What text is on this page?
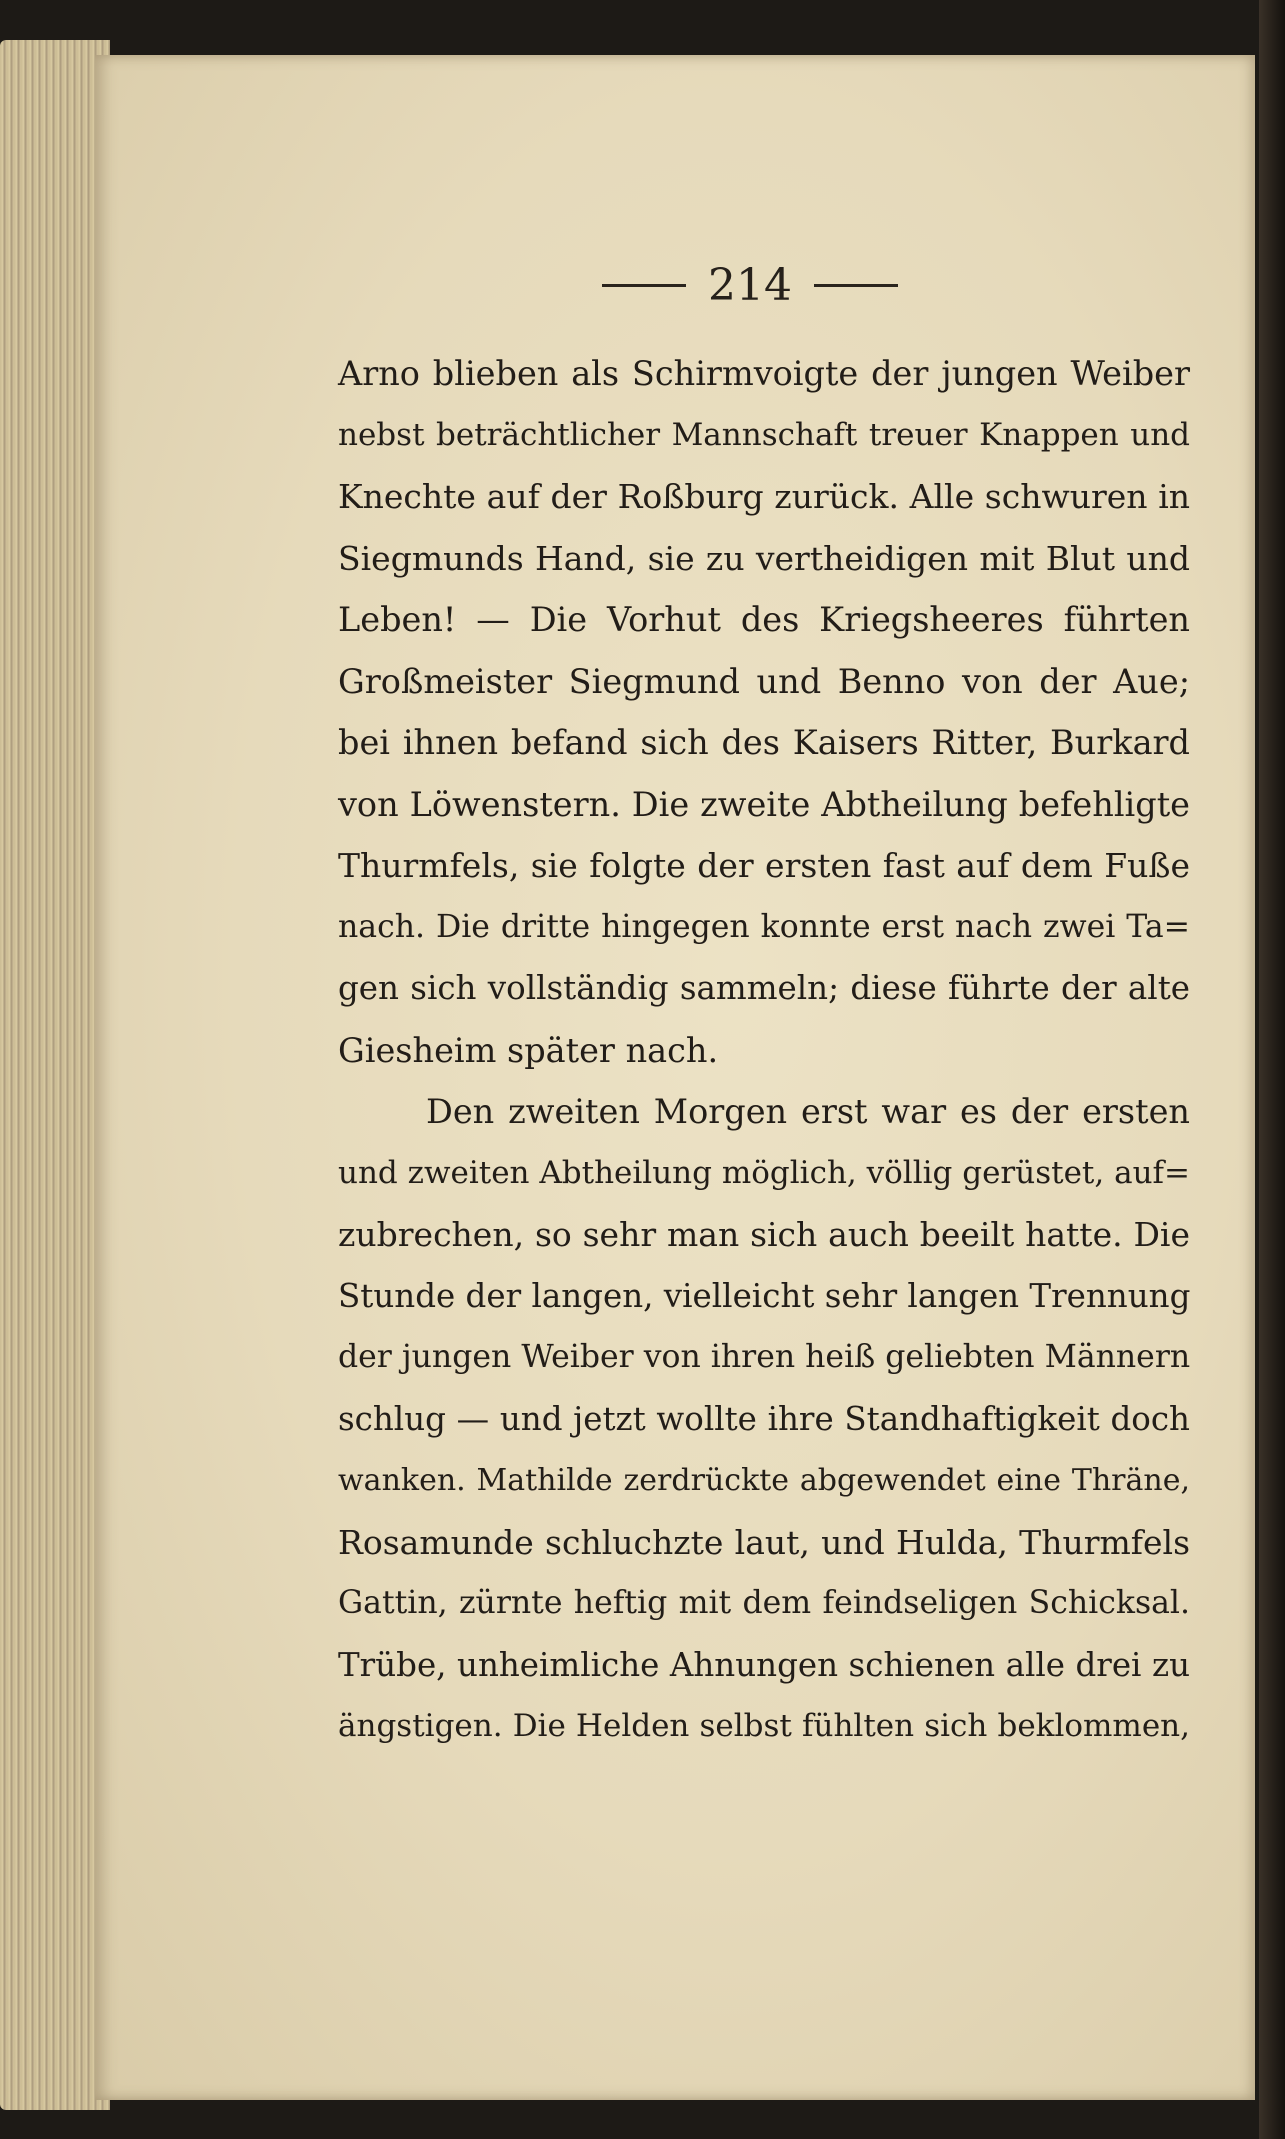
214
Arno blieben als Schirmvoigte der jungen Weiber
nebst beträchtlicher Mannschaft treuer Knappen und
Knechte auf der Roßburg zurück. Alle schwuren in
Siegmunds Hand, sie zu vertheidigen mit Blut und
Leben! — Die Vorhut des Kriegsheeres führten
Großmeister Siegmund und Benno von der Aue;
bei ihnen befand sich des Kaisers Ritter, Burkard
von Löwenstern. Die zweite Abtheilung befehligte
Thurmfels, sie folgte der ersten fast auf dem Fuße
nach. Die dritte hingegen konnte erst nach zwei Ta=
gen sich vollständig sammeln; diese führte der alte
Giesheim später nach.
Den zweiten Morgen erst war es der ersten
und zweiten Abtheilung möglich, völlig gerüstet, auf=
zubrechen, so sehr man sich auch beeilt hatte. Die
Stunde der langen, vielleicht sehr langen Trennung
der jungen Weiber von ihren heiß geliebten Männern
schlug — und jetzt wollte ihre Standhaftigkeit doch
wanken. Mathilde zerdrückte abgewendet eine Thräne,
Rosamunde schluchzte laut, und Hulda, Thurmfels
Gattin, zürnte heftig mit dem feindseligen Schicksal.
Trübe, unheimliche Ahnungen schienen alle drei zu
ängstigen. Die Helden selbst fühlten sich beklommen,
